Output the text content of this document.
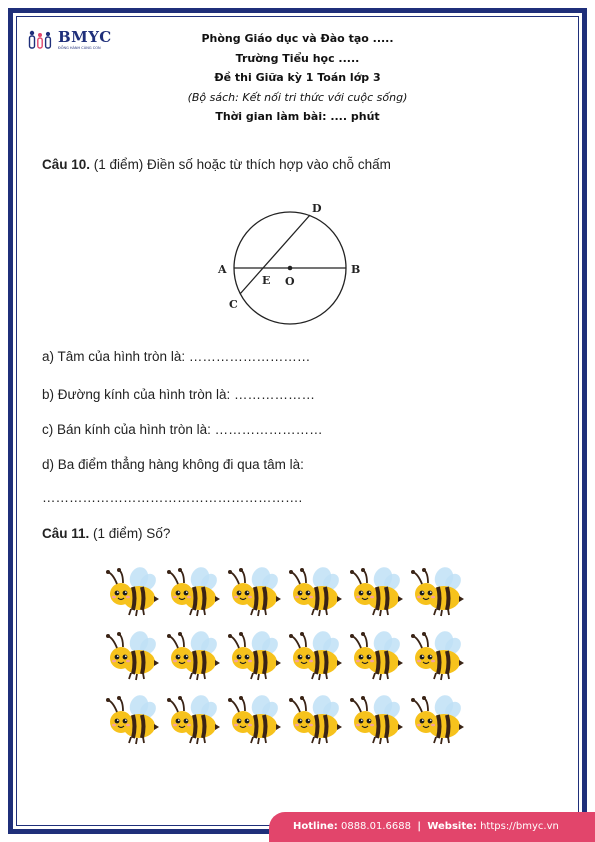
BMYC
ĐỒNG HÀNH CÙNG CON
Phòng Giáo dục và Đào tạo .....
Trường Tiểu học .....
Đề thi Giữa kỳ 1 Toán lớp 3
(Bộ sách: Kết nối tri thức với cuộc sống)
Thời gian làm bài: .... phút
Câu 10. (1 điểm) Điền số hoặc từ thích hợp vào chỗ chấm
D
A	B
E O
C
a) Tâm của hình tròn là: ………………………
b) Đường kính của hình tròn là: ………………
c) Bán kính của hình tròn là: ……………………
d) Ba điểm thẳng hàng không đi qua tâm là:
………………………………………………….
Câu 11. (1 điểm) Số?
Hotline: 0888.01.6688 | Website: https://bmyc.vn
